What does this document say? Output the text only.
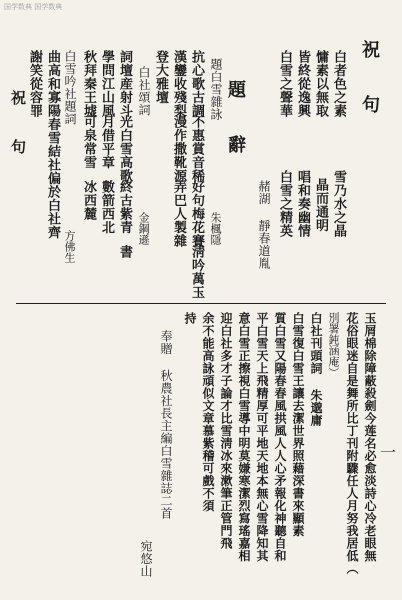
国学数典 国学数典
祝 句
白者色之素
慵素以無取
皆終從逸興
白雪之聲華
雪乃水之晶
晶而通明
唱和奏幽情
白雪之精英
赭湖 靜春道胤
題 辭
題白雪雜詠
朱楓隱
抗心歌古調
漢鑾收殘梨
不惠賞音稀
漫作撒靴源
好句梅花賽
淸吟萬玉
弄巴人製雜
登大雅壇
白社頌詞
金鋼遜
詞壇産射斗
學問江山風
秋拜秦王墟
光白雪高歌
月借平章
數箭西北
可泉常雪
冰西麓 終古紫青
書
白雪吟社題詞
方佛生
曲高和寡陽春雪結社偏於白社齊
謝笑從容罪
祝 句
玉屑棉除障蔽殺劍今莲名必愈淡詩心冷老眼無
花俗眼迷自是舞所比丁刊附驟任人月努我居低（
別署鈍涵庵）
白社刊頭詞 朱邈庸
白雪復白雪王讓去潔世界照藉深書來顯素
質白雪又陽春春風拱風人人心矛報化神聽自和
平白雪天上飛精厚可平地天地本無心雪降知其
意白雪正擦視白雪導中明莫嫌寒潔烈寫瑤嘉相
迎白社多才子論才比雪淸冰來漱筆正管門飛
余不能高詠頑似文章慕紫稽可戲不須
持
奉贈 秋農社長主編白雪雜誌二首
宛悠山
一
